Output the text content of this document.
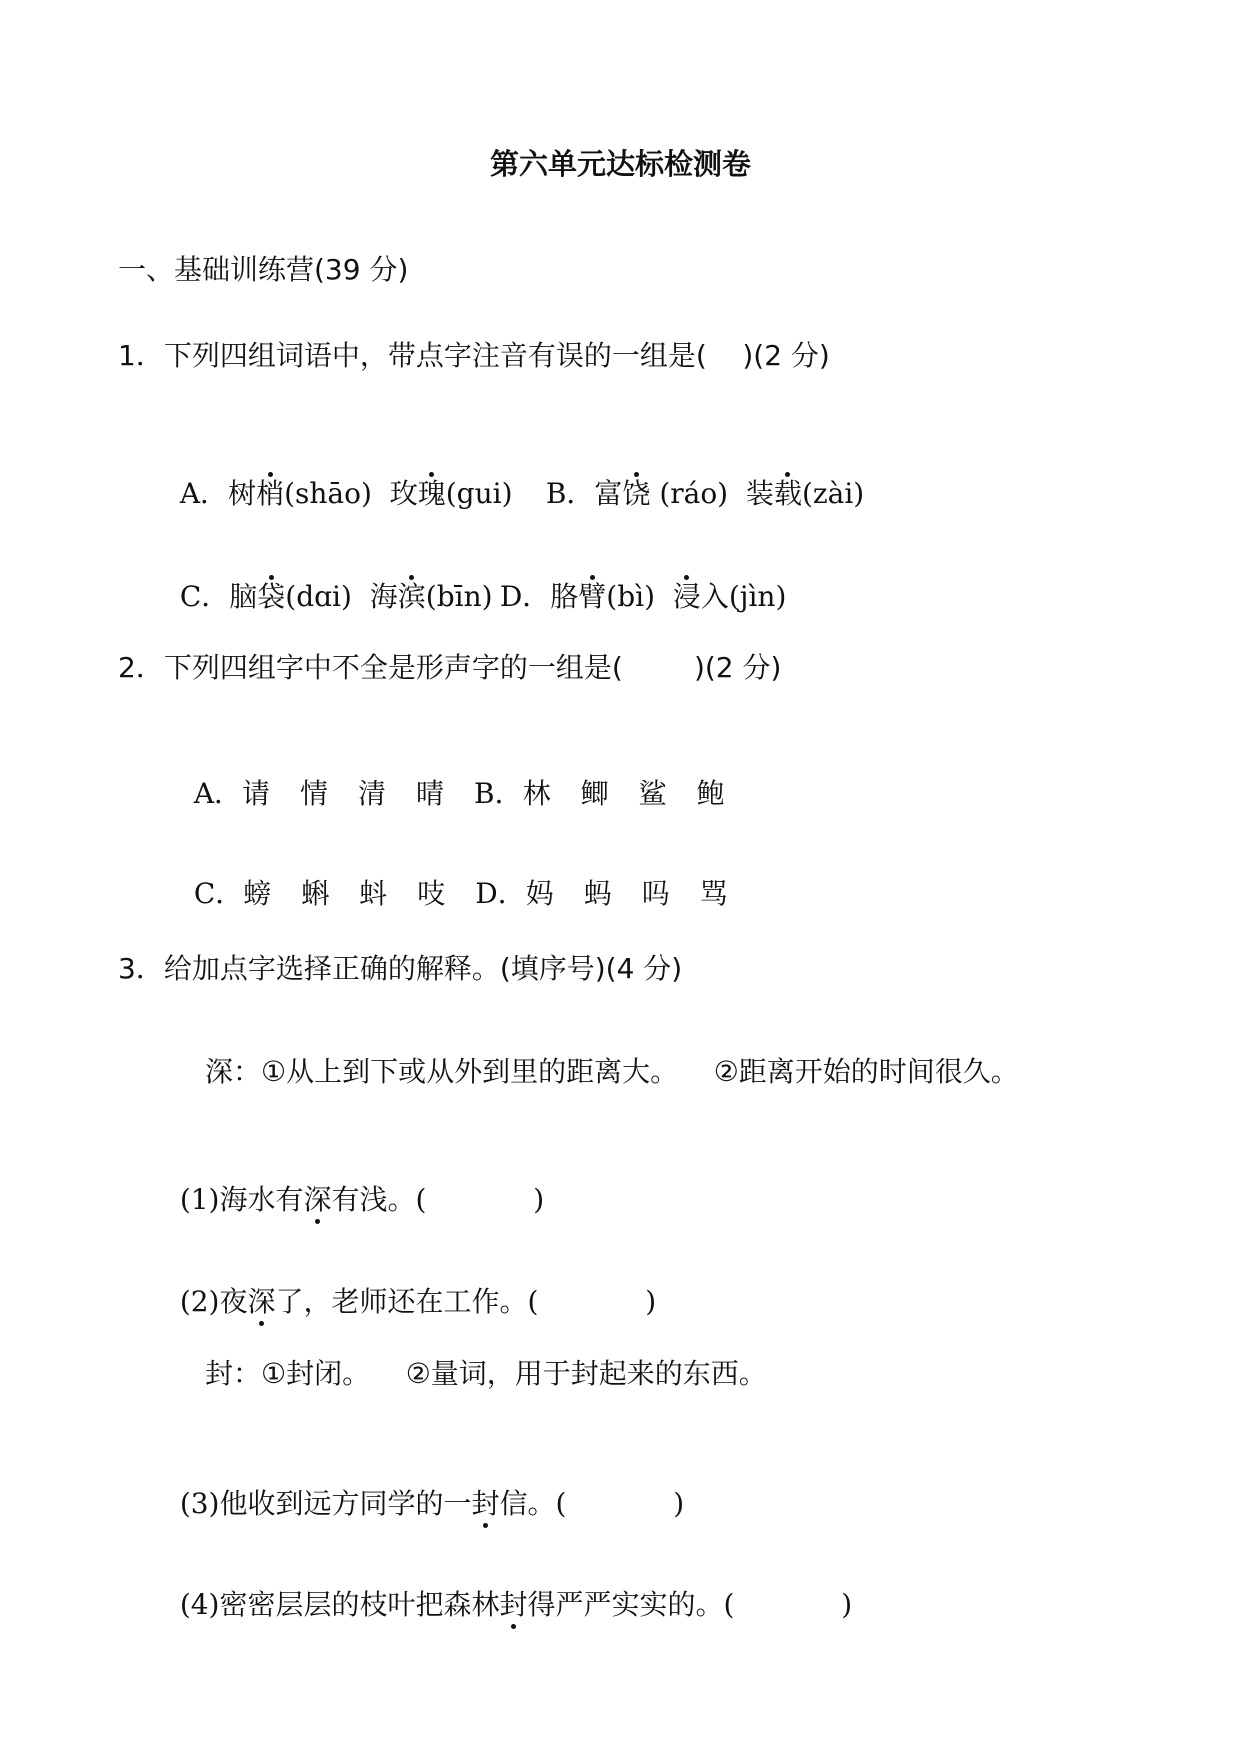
第六单元达标检测卷
一、基础训练营(39 分)
1．下列四组词语中，带点字注音有误的一组是(    )(2 分)

A．树梢(shāo) 玫瑰(gui)	B．富饶 (ráo) 装载(zài)

C．脑袋(dɑi) 海滨(bīn) D．胳臂(bì) 浸入(jìn)

2．下列四组字中不全是形声字的一组是(        )(2 分)

A．请 情 清 晴 B．林 鲫 鲨 鲍

C．螃 蝌 蚪 吱 D．妈 蚂 吗 骂

3．给加点字选择正确的解释。(填序号)(4 分)
深：①从上到下或从外到里的距离大。    ②距离开始的时间很久。

(1)海水有深有浅。(            )

(2)夜深了，老师还在工作。(            )

封：①封闭。    ②量词，用于封起来的东西。

(3)他收到远方同学的一封信。(            )

(4)密密层层的枝叶把森林封得严严实实的。(            )
